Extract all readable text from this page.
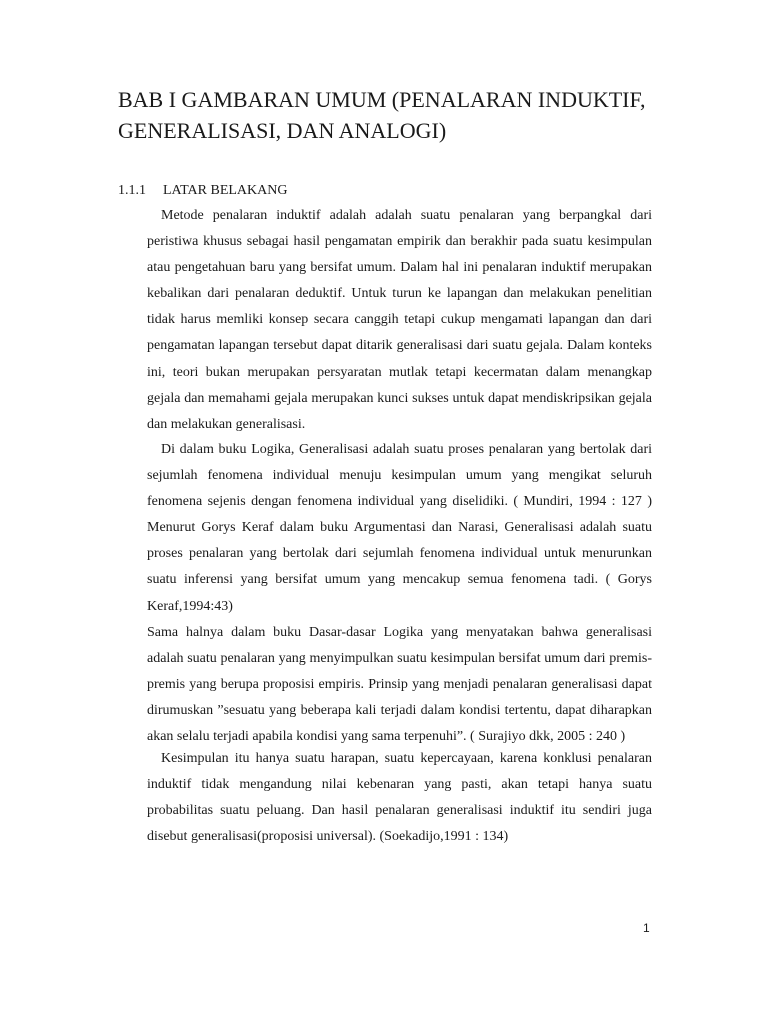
BAB I GAMBARAN UMUM (PENALARAN INDUKTIF, GENERALISASI, DAN ANALOGI)
1.1.1 LATAR BELAKANG

Metode penalaran induktif adalah adalah suatu penalaran yang berpangkal dari peristiwa khusus sebagai hasil pengamatan empirik dan berakhir pada suatu kesimpulan atau pengetahuan baru yang bersifat umum. Dalam hal ini penalaran induktif merupakan kebalikan dari penalaran deduktif. Untuk turun ke lapangan dan melakukan penelitian tidak harus memliki konsep secara canggih tetapi cukup mengamati lapangan dan dari pengamatan lapangan tersebut dapat ditarik generalisasi dari suatu gejala. Dalam konteks ini, teori bukan merupakan persyaratan mutlak tetapi kecermatan dalam menangkap gejala dan memahami gejala merupakan kunci sukses untuk dapat mendiskripsikan gejala dan melakukan generalisasi.

Di dalam buku Logika, Generalisasi adalah suatu proses penalaran yang bertolak dari sejumlah fenomena individual menuju kesimpulan umum yang mengikat seluruh fenomena sejenis dengan fenomena individual yang diselidiki. ( Mundiri, 1994 : 127 ) Menurut Gorys Keraf dalam buku Argumentasi dan Narasi, Generalisasi adalah suatu proses penalaran yang bertolak dari sejumlah fenomena individual untuk menurunkan suatu inferensi yang bersifat umum yang mencakup semua fenomena tadi. ( Gorys Keraf,1994:43)
Sama halnya dalam buku Dasar-dasar Logika yang menyatakan bahwa generalisasi adalah suatu penalaran yang menyimpulkan suatu kesimpulan bersifat umum dari premis-premis yang berupa proposisi empiris. Prinsip yang menjadi penalaran generalisasi dapat dirumuskan ”sesuatu yang beberapa kali terjadi dalam kondisi tertentu, dapat diharapkan akan selalu terjadi apabila kondisi yang sama terpenuhi”. ( Surajiyo dkk, 2005 : 240 )

Kesimpulan itu hanya suatu harapan, suatu kepercayaan, karena konklusi penalaran induktif tidak mengandung nilai kebenaran yang pasti, akan tetapi hanya suatu probabilitas suatu peluang. Dan hasil penalaran generalisasi induktif itu sendiri juga disebut generalisasi(proposisi universal). (Soekadijo,1991 : 134)

1
